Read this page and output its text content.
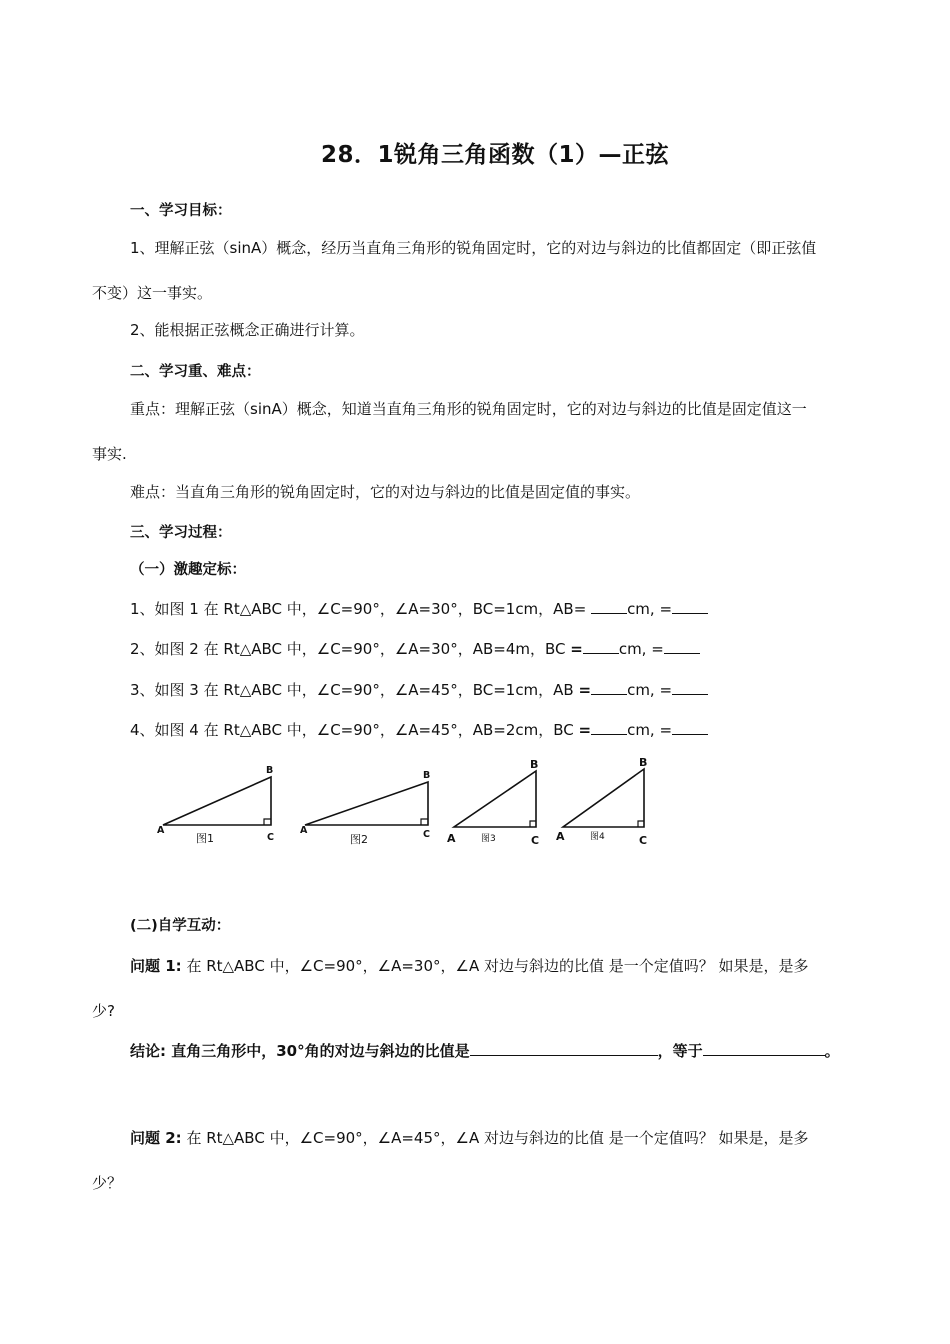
28．1锐角三角函数（1）—正弦
一、学习目标：
1、理解正弦（sinA）概念，经历当直角三角形的锐角固定时，它的对边与斜边的比值都固定（即正弦值
不变）这一事实。
2、能根据正弦概念正确进行计算。
二、学习重、难点：
重点：理解正弦（sinA）概念，知道当直角三角形的锐角固定时，它的对边与斜边的比值是固定值这一
事实.
难点：当直角三角形的锐角固定时，它的对边与斜边的比值是固定值的事实。
三、学习过程：
（一）激趣定标：
1、如图 1 在 Rt△ABC 中，∠C=90°，∠A=30°，BC=1cm，AB= cm, =
2、如图 2 在 Rt△ABC 中，∠C=90°，∠A=30°，AB=4m，BC = cm, =
3、如图 3 在 Rt△ABC 中，∠C=90°，∠A=45°，BC=1cm，AB = cm, =
4、如图 4 在 Rt△ABC 中，∠C=90°，∠A=45°，AB=2cm，BC = cm, =
A
B
C
图1
A
B
C
图2	A
B
C
图3	A
B
C
图4
(二)自学互动：
问题 1: 在 Rt△ABC 中，∠C=90°，∠A=30°，∠A 对边与斜边的比值 是一个定值吗？ 如果是，是多
少?
结论: 直角三角形中，30°角的对边与斜边的比值是	，等于	。
问题 2: 在 Rt△ABC 中，∠C=90°，∠A=45°，∠A 对边与斜边的比值 是一个定值吗？ 如果是，是多
少？
